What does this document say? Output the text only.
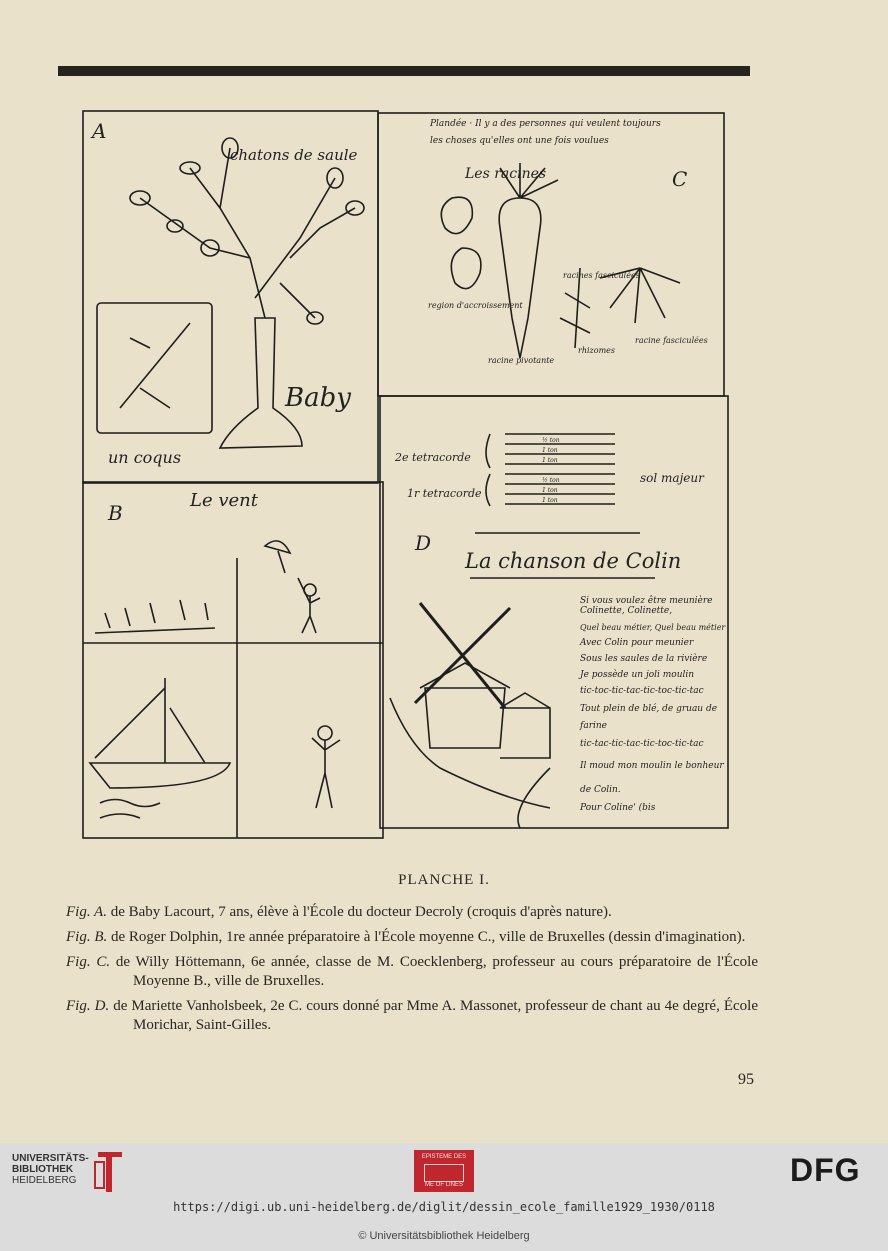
A
chatons de saule
Baby
un coqus
Plandée · Il y a des personnes qui veulent toujours
les choses qu'elles ont une fois voulues
Les racines	C
region d'accroissement
racines fasciculées
racine pivotante
racine fasciculées
rhizomes
2e tetracorde
1r tetracorde
sol majeur
½ ton
1 ton
1 ton
½ ton
1 ton
1 ton
B
Le vent
D
La chanson de Colin
Si vous voulez être meunière
Colinette, Colinette,
Quel beau métier, Quel beau métier
Avec Colin pour meunier
Sous les saules de la rivière
Je possède un joli moulin
tic-toc-tic-tac-tic-toc-tic-tac
Tout plein de blé, de gruau de
farine
tic-tac-tic-tac-tic-toc-tic-tac
Il moud mon moulin le bonheur
de Colin.
Pour Coline' (bis
PLANCHE I.

Fig. A. de Baby Lacourt, 7 ans, élève à l'École du docteur Decroly (croquis d'après nature).

Fig. B. de Roger Dolphin, 1re année préparatoire à l'École moyenne C., ville de Bruxelles (dessin d'imagination).

Fig. C. de Willy Höttemann, 6e année, classe de M. Coecklenberg, professeur au cours préparatoire de l'École Moyenne B., ville de Bruxelles.

Fig. D. de Mariette Vanholsbeek, 2e C. cours donné par Mme A. Massonet, professeur de chant au 4e degré, École Morichar, Saint-Gilles.

95
UNIVERSITÄTS-
BIBLIOTHEK
HEIDELBERG
EPISTEME DES
ME OF LINES	DFG
https://digi.ub.uni-heidelberg.de/diglit/dessin_ecole_famille1929_1930/0118
© Universitätsbibliothek Heidelberg
